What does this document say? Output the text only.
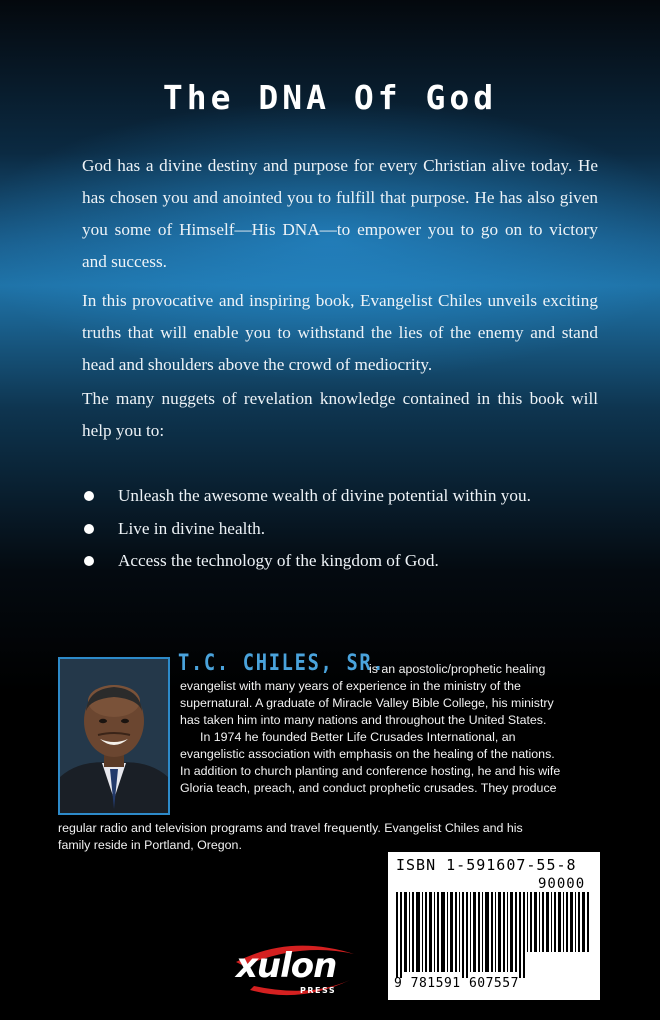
The DNA Of God

God has a divine destiny and purpose for every Christian alive today. He has chosen you and anointed you to fulfill that purpose. He has also given you some of Himself—His DNA—to empower you to go on to victory and success.

In this provocative and inspiring book, Evangelist Chiles unveils exciting truths that will enable you to withstand the lies of the enemy and stand head and shoulders above the crowd of mediocrity.

The many nuggets of revelation knowledge contained in this book will help you to:

Unleash the awesome wealth of divine potential within you.
Live in divine health.
Access the technology of the kingdom of God.
T.C. CHILES, SR.
is an apostolic/prophetic healing
evangelist with many years of experience in the ministry of the
supernatural. A graduate of Miracle Valley Bible College, his ministry
has taken him into many nations and throughout the United States.
In 1974 he founded Better Life Crusades International, an
evangelistic association with emphasis on the healing of the nations.
In addition to church planting and conference hosting, he and his wife
Gloria teach, preach, and conduct prophetic crusades. They produce
regular radio and television programs and travel frequently. Evangelist Chiles and his
family reside in Portland, Oregon.
ISBN 1-591607-55-8
90000
9 781591 607557
xulon
PRESS
